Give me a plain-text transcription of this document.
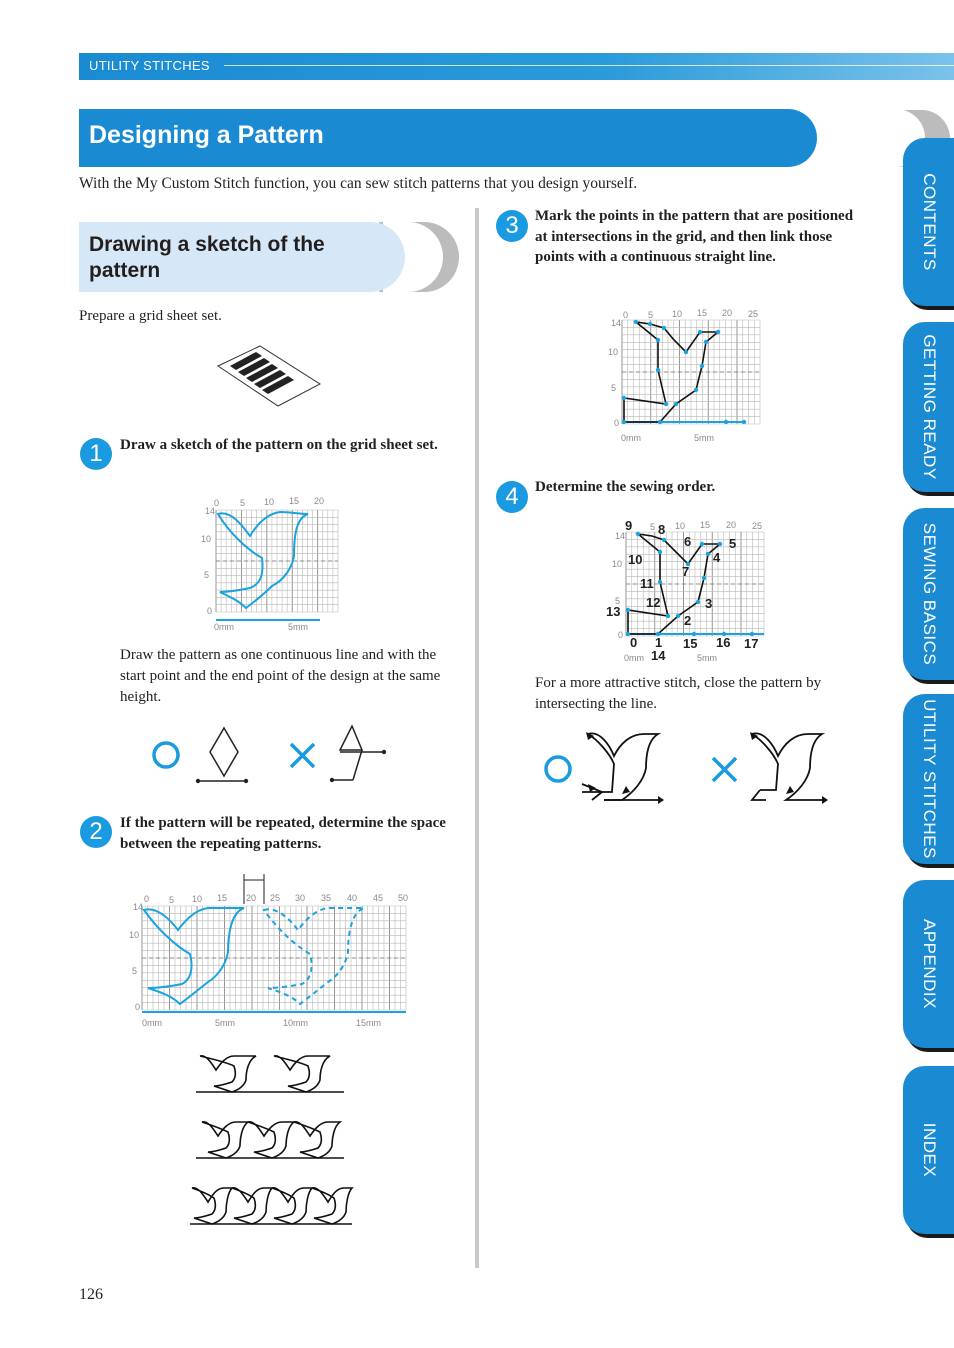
UTILITY STITCHES
Designing a Pattern

With the My Custom Stitch function, you can sew stitch patterns that you design yourself.

Drawing a sketch of the pattern

Prepare a grid sheet set.

1	Draw a sketch of the pattern on the grid sheet set.

0 5 10 15 20
14
10
5
0
0mm	5mm

Draw the pattern as one continuous line and with the start point and the end point of the design at the same height.

2	If the pattern will be repeated, determine the space between the repeating patterns.

0 5 10 15 20 25 30 35 40 45 50
14
10
5
0
0mm	5mm	10mm	15mm
3	Mark the points in the pattern that are positioned at intersections in the grid, and then link those points with a continuous straight line.

0 5 10 15 20 25
14
10
5
0
0mm	5mm
4	Determine the sewing order.

5 10 15 20 25
14
10
5
0
0mm	5mm
0 1
2
3
4
5
6
7
8
9
10
11
12
13
14
15 16 17

For a more attractive stitch, close the pattern by intersecting the line.

126
CONTENTS
GETTING READY
SEWING BASICS
UTILITY STITCHES
APPENDIX
INDEX
